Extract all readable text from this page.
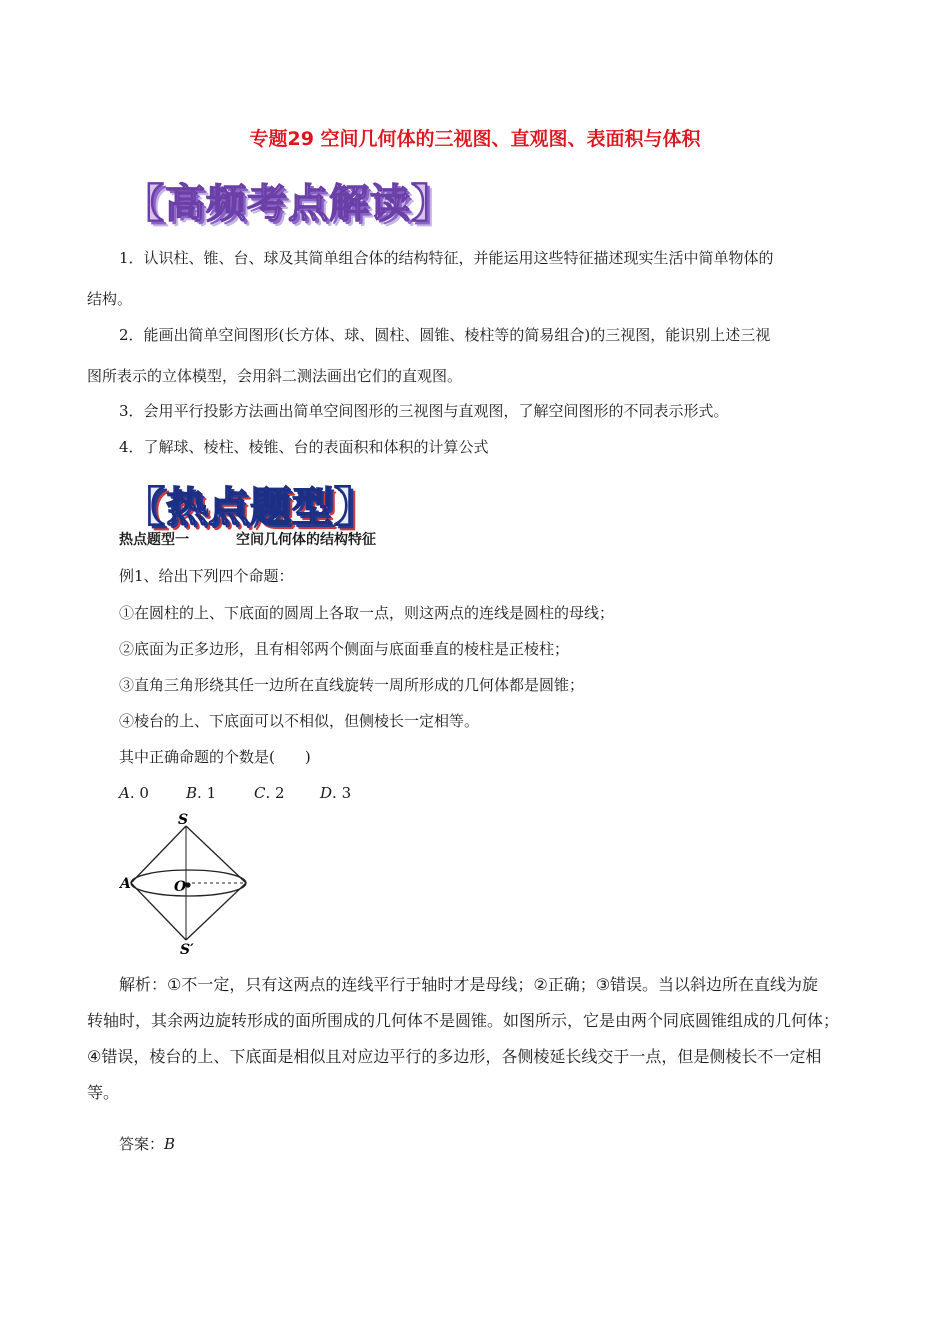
专题29 空间几何体的三视图、直观图、表面积与体积
【高频考点解读】
1．认识柱、锥、台、球及其简单组合体的结构特征，并能运用这些特征描述现实生活中简单物体的
结构。
2．能画出简单空间图形(长方体、球、圆柱、圆锥、棱柱等的简易组合)的三视图，能识别上述三视
图所表示的立体模型，会用斜二测法画出它们的直观图。
3．会用平行投影方法画出简单空间图形的三视图与直观图，了解空间图形的不同表示形式。
4．了解球、棱柱、棱锥、台的表面积和体积的计算公式
【热点题型】
热点题型一	空间几何体的结构特征
例1、给出下列四个命题：
①在圆柱的上、下底面的圆周上各取一点，则这两点的连线是圆柱的母线；
②底面为正多边形，且有相邻两个侧面与底面垂直的棱柱是正棱柱；
③直角三角形绕其任一边所在直线旋转一周所形成的几何体都是圆锥；
④棱台的上、下底面可以不相似，但侧棱长一定相等。
其中正确命题的个数是(　　)
A. 0 B. 1	C. 2 D. 3
S
A	O
S′
解析：①不一定，只有这两点的连线平行于轴时才是母线；②正确；③错误。当以斜边所在直线为旋
转轴时，其余两边旋转形成的面所围成的几何体不是圆锥。如图所示，它是由两个同底圆锥组成的几何体；
④错误，棱台的上、下底面是相似且对应边平行的多边形，各侧棱延长线交于一点，但是侧棱长不一定相
等。
答案：B
